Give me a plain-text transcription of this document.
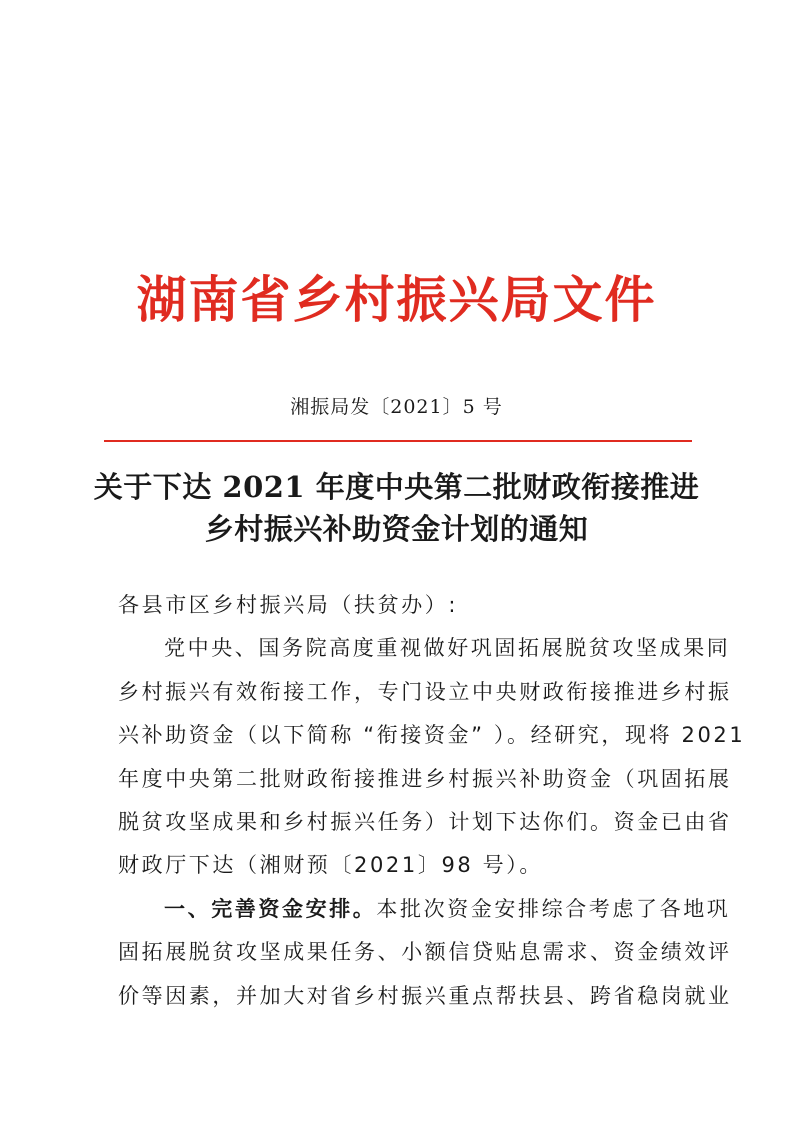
湖南省乡村振兴局文件
湘振局发〔2021〕5 号
关于下达 2021 年度中央第二批财政衔接推进
乡村振兴补助资金计划的通知
各县市区乡村振兴局（扶贫办）:
党中央、国务院高度重视做好巩固拓展脱贫攻坚成果同
乡村振兴有效衔接工作，专门设立中央财政衔接推进乡村振
兴补助资金（以下简称 “衔接资金” ）。经研究，现将 2021
年度中央第二批财政衔接推进乡村振兴补助资金（巩固拓展
脱贫攻坚成果和乡村振兴任务）计划下达你们。资金已由省
财政厅下达（湘财预〔2021〕98 号）。
一、完善资金安排。本批次资金安排综合考虑了各地巩
固拓展脱贫攻坚成果任务、小额信贷贴息需求、资金绩效评
价等因素，并加大对省乡村振兴重点帮扶县、跨省稳岗就业
